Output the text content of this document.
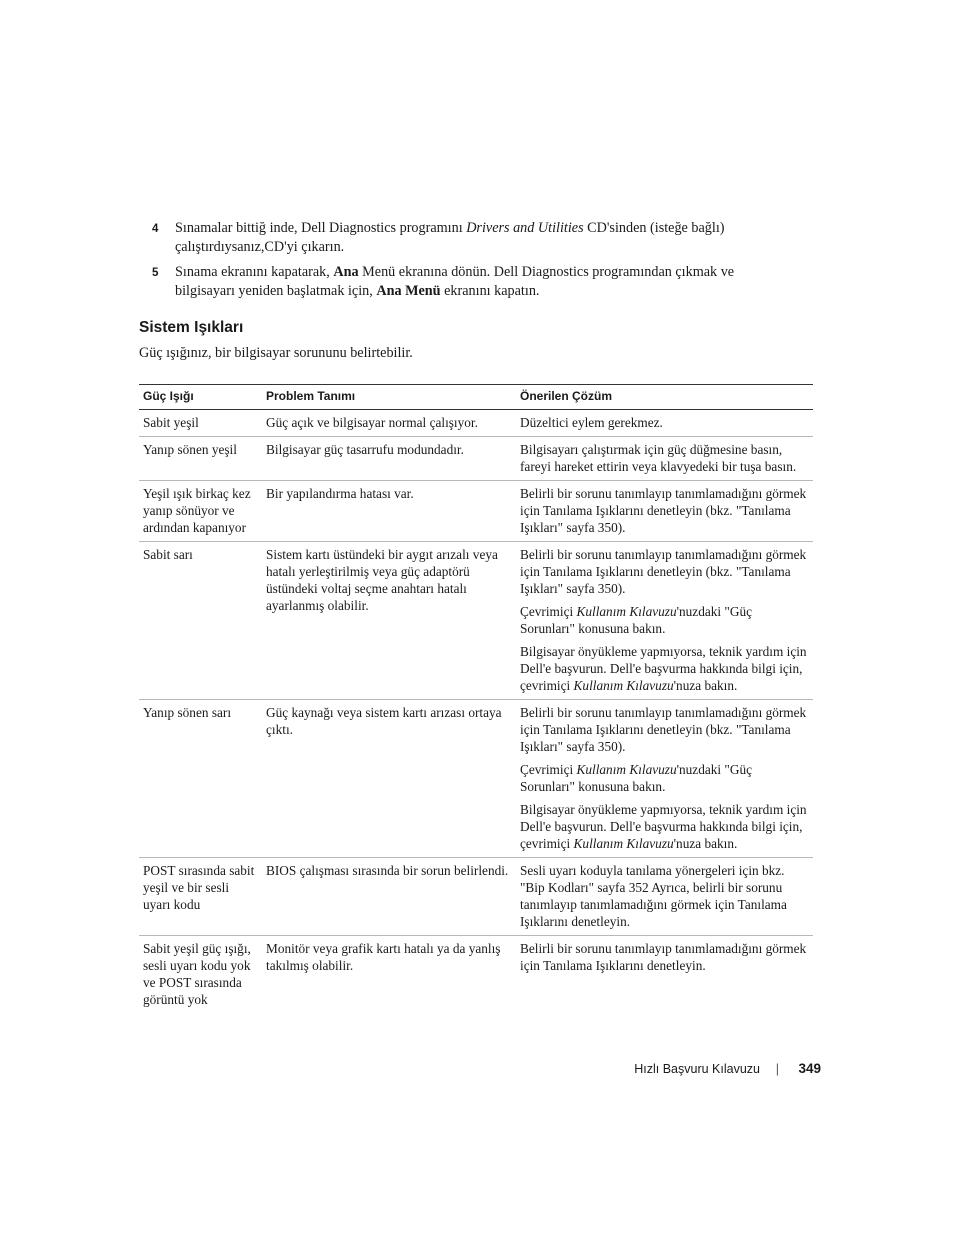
4 Sınamalar bittiğ inde, Dell Diagnostics programını Drivers and Utilities CD'sinden (isteğe bağlı) çalıştırdıysanız,CD'yi çıkarın.
5 Sınama ekranını kapatarak, Ana Menü ekranına dönün. Dell Diagnostics programından çıkmak ve bilgisayarı yeniden başlatmak için, Ana Menü ekranını kapatın.
Sistem Işıkları

Güç ışığınız, bir bilgisayar sorununu belirtebilir.

Güç Işığı	Problem Tanımı	Önerilen Çözüm
Sabit yeşil	Güç açık ve bilgisayar normal çalışıyor.	Düzeltici eylem gerekmez.

Yanıp sönen yeşil	Bilgisayar güç tasarrufu modundadır.	Bilgisayarı çalıştırmak için güç düğmesine basın, fareyi hareket ettirin veya klavyedeki bir tuşa basın.

Yeşil ışık birkaç kez yanıp sönüyor ve ardından kapanıyor	Bir yapılandırma hatası var.	Belirli bir sorunu tanımlayıp tanımlamadığını görmek için Tanılama Işıklarını denetleyin (bkz. "Tanılama Işıkları" sayfa 350).

Sabit sarı	Sistem kartı üstündeki bir aygıt arızalı veya hatalı yerleştirilmiş veya güç adaptörü üstündeki voltaj seçme anahtarı hatalı ayarlanmış olabilir.	Belirli bir sorunu tanımlayıp tanımlamadığını görmek için Tanılama Işıklarını denetleyin (bkz. "Tanılama Işıkları" sayfa 350).

Çevrimiçi Kullanım Kılavuzu'nuzdaki "Güç Sorunları" konusuna bakın.

Bilgisayar önyükleme yapmıyorsa, teknik yardım için Dell'e başvurun. Dell'e başvurma hakkında bilgi için, çevrimiçi Kullanım Kılavuzu'nuza bakın.

Yanıp sönen sarı	Güç kaynağı veya sistem kartı arızası ortaya çıktı.	Belirli bir sorunu tanımlayıp tanımlamadığını görmek için Tanılama Işıklarını denetleyin (bkz. "Tanılama Işıkları" sayfa 350).

Çevrimiçi Kullanım Kılavuzu'nuzdaki "Güç Sorunları" konusuna bakın.

Bilgisayar önyükleme yapmıyorsa, teknik yardım için Dell'e başvurun. Dell'e başvurma hakkında bilgi için, çevrimiçi Kullanım Kılavuzu'nuza bakın.

POST sırasında sabit yeşil ve bir sesli uyarı kodu	BIOS çalışması sırasında bir sorun belirlendi.	Sesli uyarı koduyla tanılama yönergeleri için bkz. "Bip Kodları" sayfa 352 Ayrıca, belirli bir sorunu tanımlayıp tanımlamadığını görmek için Tanılama Işıklarını denetleyin.

Sabit yeşil güç ışığı, sesli uyarı kodu yok ve POST sırasında görüntü yok	Monitör veya grafik kartı hatalı ya da yanlış takılmış olabilir.	Belirli bir sorunu tanımlayıp tanımlamadığını görmek için Tanılama Işıklarını denetleyin.

Hızlı Başvuru Kılavuzu | 349
